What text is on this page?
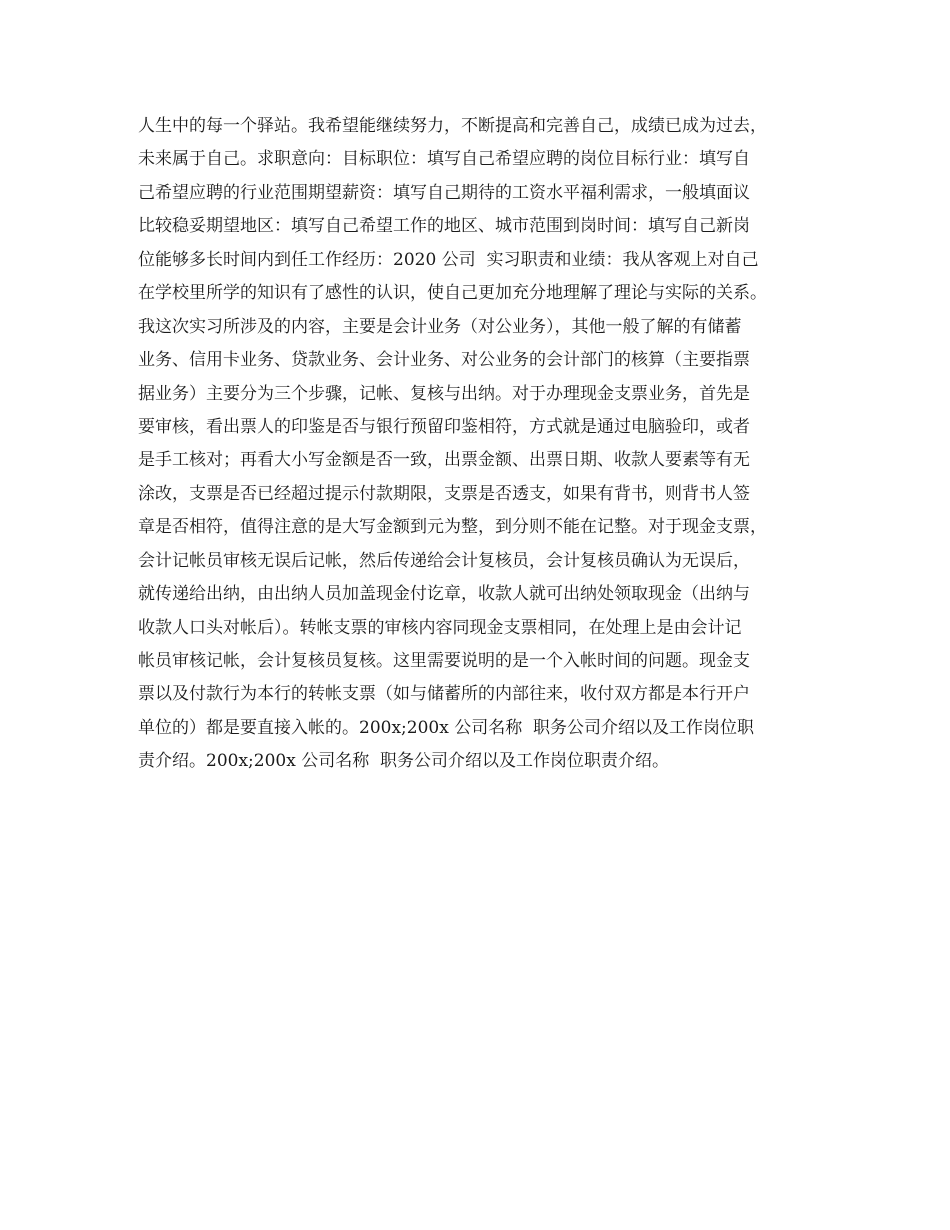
人生中的每一个驿站。我希望能继续努力，不断提高和完善自己，成绩已成为过去，
未来属于自己。求职意向：目标职位：填写自己希望应聘的岗位目标行业：填写自
己希望应聘的行业范围期望薪资：填写自己期待的工资水平福利需求，一般填面议
比较稳妥期望地区：填写自己希望工作的地区、城市范围到岗时间：填写自己新岗
位能够多长时间内到任工作经历：2020 公司  实习职责和业绩：我从客观上对自己
在学校里所学的知识有了感性的认识，使自己更加充分地理解了理论与实际的关系。
我这次实习所涉及的内容，主要是会计业务（对公业务），其他一般了解的有储蓄
业务、信用卡业务、贷款业务、会计业务、对公业务的会计部门的核算（主要指票
据业务）主要分为三个步骤，记帐、复核与出纳。对于办理现金支票业务，首先是
要审核，看出票人的印鉴是否与银行预留印鉴相符，方式就是通过电脑验印，或者
是手工核对；再看大小写金额是否一致，出票金额、出票日期、收款人要素等有无
涂改，支票是否已经超过提示付款期限，支票是否透支，如果有背书，则背书人签
章是否相符，值得注意的是大写金额到元为整，到分则不能在记整。对于现金支票，
会计记帐员审核无误后记帐，然后传递给会计复核员，会计复核员确认为无误后，
就传递给出纳，由出纳人员加盖现金付讫章，收款人就可出纳处领取现金（出纳与
收款人口头对帐后）。转帐支票的审核内容同现金支票相同，在处理上是由会计记
帐员审核记帐，会计复核员复核。这里需要说明的是一个入帐时间的问题。现金支
票以及付款行为本行的转帐支票（如与储蓄所的内部往来，收付双方都是本行开户
单位的）都是要直接入帐的。200x;200x 公司名称  职务公司介绍以及工作岗位职
责介绍。200x;200x 公司名称  职务公司介绍以及工作岗位职责介绍。
